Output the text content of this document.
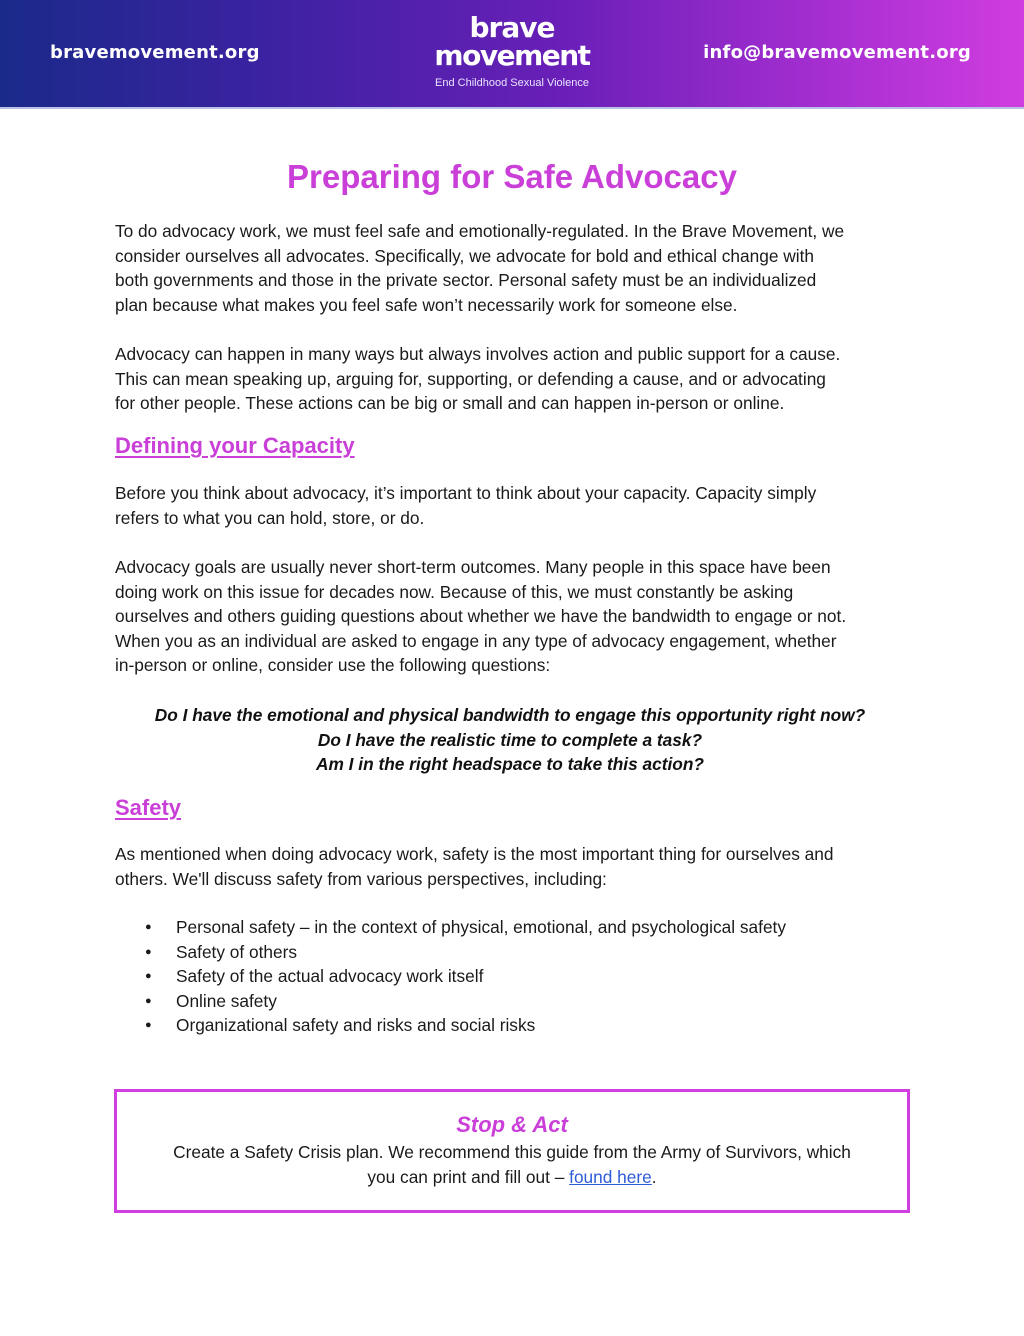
bravemovement.org
brave
movement
End Childhood Sexual Violence
info@bravemovement.org
Preparing for Safe Advocacy
To do advocacy work, we must feel safe and emotionally-regulated. In the Brave Movement, we
consider ourselves all advocates. Specifically, we advocate for bold and ethical change with
both governments and those in the private sector. Personal safety must be an individualized
plan because what makes you feel safe won’t necessarily work for someone else.
Advocacy can happen in many ways but always involves action and public support for a cause.
This can mean speaking up, arguing for, supporting, or defending a cause, and or advocating
for other people. These actions can be big or small and can happen in-person or online.
Defining your Capacity
Before you think about advocacy, it’s important to think about your capacity. Capacity simply
refers to what you can hold, store, or do.
Advocacy goals are usually never short-term outcomes. Many people in this space have been
doing work on this issue for decades now. Because of this, we must constantly be asking
ourselves and others guiding questions about whether we have the bandwidth to engage or not.
When you as an individual are asked to engage in any type of advocacy engagement, whether
in-person or online, consider use the following questions:
Do I have the emotional and physical bandwidth to engage this opportunity right now?
Do I have the realistic time to complete a task?
Am I in the right headspace to take this action?
Safety
As mentioned when doing advocacy work, safety is the most important thing for ourselves and
others. We'll discuss safety from various perspectives, including:
● Personal safety – in the context of physical, emotional, and psychological safety
● Safety of others
● Safety of the actual advocacy work itself
● Online safety
● Organizational safety and risks and social risks
Stop & Act
Create a Safety Crisis plan. We recommend this guide from the Army of Survivors, which
you can print and fill out – found here.
